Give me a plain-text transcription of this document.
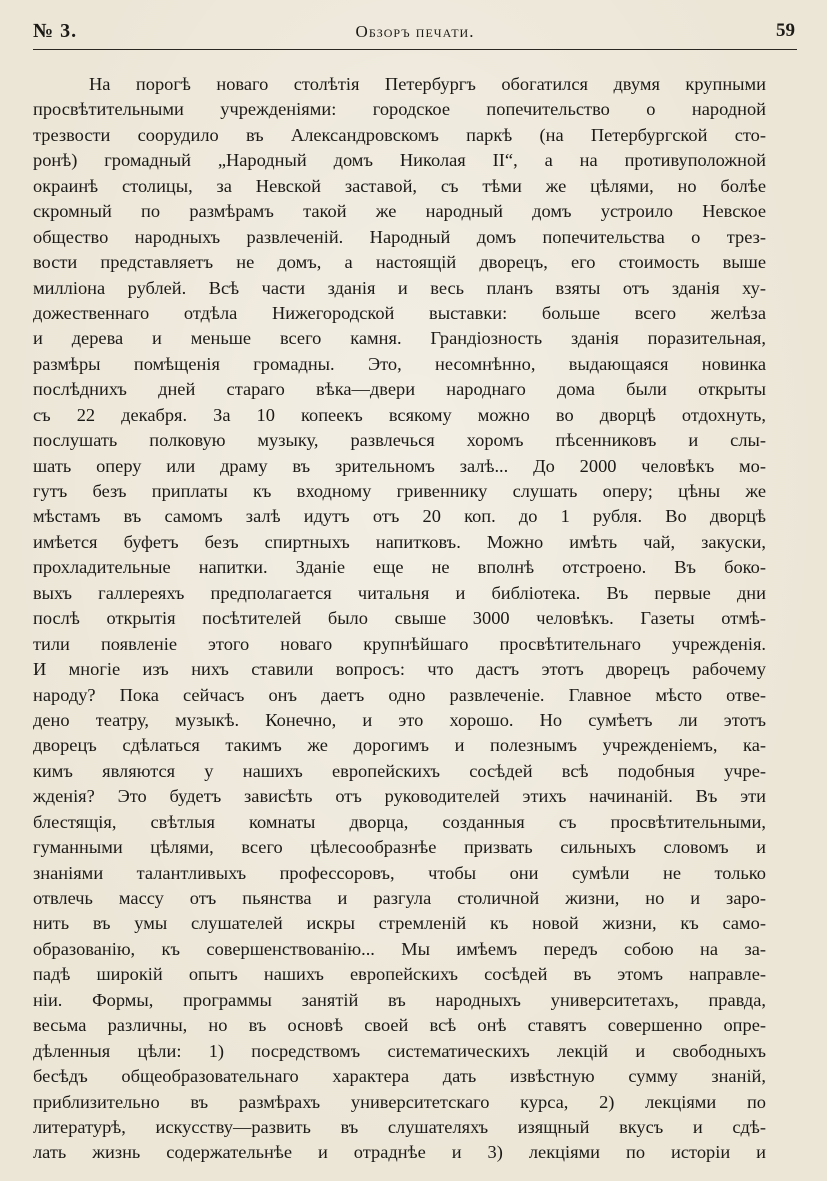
№ 3.	Обзоръ печати.	59
На порогѣ новаго столѣтія Петербургъ обогатился двумя крупными
просвѣтительными учрежденіями: городское попечительство о народной
трезвости соорудило въ Александровскомъ паркѣ (на Петербургской сто-
ронѣ) громадный „Народный домъ Николая II“, а на противуположной
окраинѣ столицы, за Невской заставой, съ тѣми же цѣлями, но болѣе
скромный по размѣрамъ такой же народный домъ устроило Невское
общество народныхъ развлеченій. Народный домъ попечительства о трез-
вости представляетъ не домъ, а настоящій дворецъ, его стоимость выше
милліона рублей. Всѣ части зданія и весь планъ взяты отъ зданія ху-
дожественнаго отдѣла Нижегородской выставки: больше всего желѣза
и дерева и меньше всего камня. Грандіозность зданія поразительная,
размѣры помѣщенія громадны. Это, несомнѣнно, выдающаяся новинка
послѣднихъ дней стараго вѣка—двери народнаго дома были открыты
съ 22 декабря. За 10 копеекъ всякому можно во дворцѣ отдохнуть,
послушать полковую музыку, развлечься хоромъ пѣсенниковъ и слы-
шать оперу или драму въ зрительномъ залѣ... До 2000 человѣкъ мо-
гутъ безъ приплаты къ входному гривеннику слушать оперу; цѣны же
мѣстамъ въ самомъ залѣ идутъ отъ 20 коп. до 1 рубля. Во дворцѣ
имѣется буфетъ безъ спиртныхъ напитковъ. Можно имѣть чай, закуски,
прохладительные напитки. Зданіе еще не вполнѣ отстроено. Въ боко-
выхъ галлереяхъ предполагается читальня и библіотека. Въ первые дни
послѣ открытія посѣтителей было свыше 3000 человѣкъ. Газеты отмѣ-
тили появленіе этого новаго крупнѣйшаго просвѣтительнаго учрежденія.
И многіе изъ нихъ ставили вопросъ: что дастъ этотъ дворецъ рабочему
народу? Пока сейчасъ онъ даетъ одно развлеченіе. Главное мѣсто отве-
дено театру, музыкѣ. Конечно, и это хорошо. Но сумѣетъ ли этотъ
дворецъ сдѣлаться такимъ же дорогимъ и полезнымъ учрежденіемъ, ка-
кимъ являются у нашихъ европейскихъ сосѣдей всѣ подобныя учре-
жденія? Это будетъ зависѣть отъ руководителей этихъ начинаній. Въ эти
блестящія, свѣтлыя комнаты дворца, созданныя съ просвѣтительными,
гуманными цѣлями, всего цѣлесообразнѣе призвать сильныхъ словомъ и
знаніями талантливыхъ профессоровъ, чтобы они сумѣли не только
отвлечь массу отъ пьянства и разгула столичной жизни, но и заро-
нить въ умы слушателей искры стремленій къ новой жизни, къ само-
образованію, къ совершенствованію... Мы имѣемъ передъ собою на за-
падѣ широкій опытъ нашихъ европейскихъ сосѣдей въ этомъ направле-
ніи. Формы, программы занятій въ народныхъ университетахъ, правда,
весьма различны, но въ основѣ своей всѣ онѣ ставятъ совершенно опре-
дѣленныя цѣли: 1) посредствомъ систематическихъ лекцій и свободныхъ
бесѣдъ общеобразовательнаго характера дать извѣстную сумму знаній,
приблизительно въ размѣрахъ университетскаго курса, 2) лекціями по
литературѣ, искусству—развить въ слушателяхъ изящный вкусъ и сдѣ-
лать жизнь содержательнѣе и отраднѣе и 3) лекціями по исторіи и
